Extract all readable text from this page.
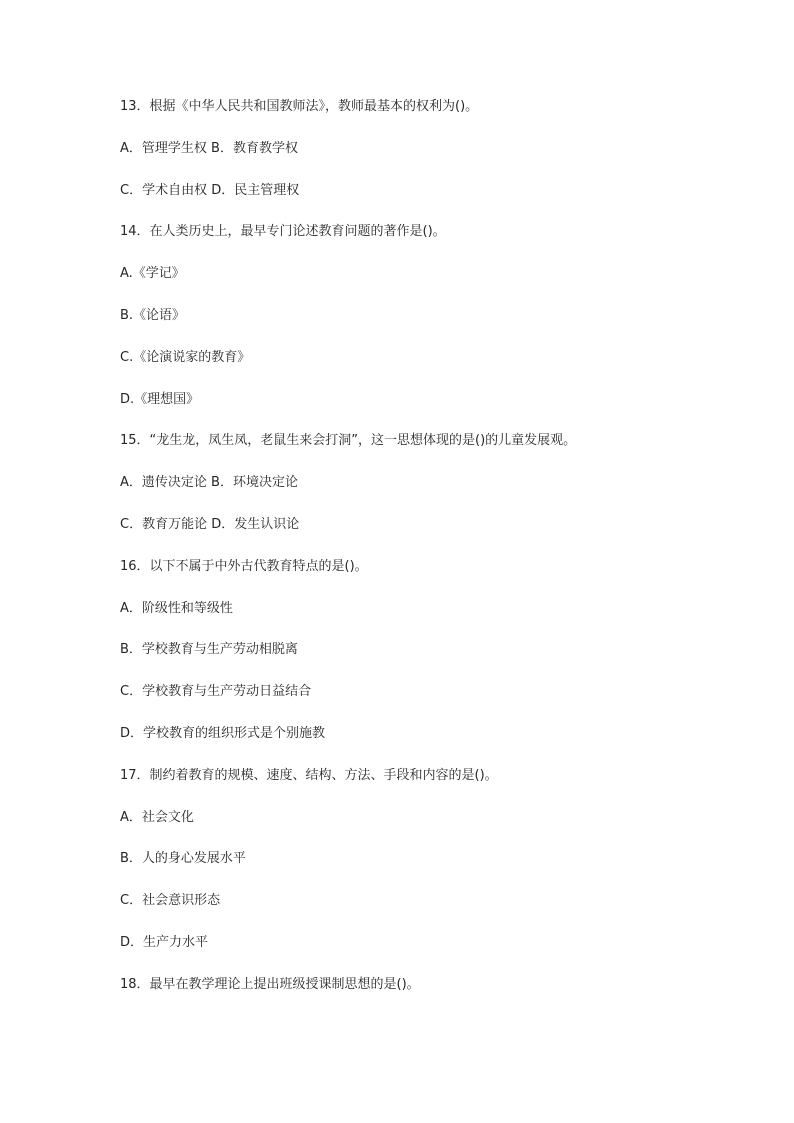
13．根据《中华人民共和国教师法》，教师最基本的权利为()。
A．管理学生权 B．教育教学权
C．学术自由权 D．民主管理权
14．在人类历史上，最早专门论述教育问题的著作是()。
A.《学记》
B.《论语》
C.《论演说家的教育》
D.《理想国》
15．“龙生龙，凤生凤，老鼠生来会打洞”，这一思想体现的是()的儿童发展观。
A．遗传决定论 B．环境决定论
C．教育万能论 D．发生认识论
16．以下不属于中外古代教育特点的是()。
A．阶级性和等级性
B．学校教育与生产劳动相脱离
C．学校教育与生产劳动日益结合
D．学校教育的组织形式是个别施教
17．制约着教育的规模、速度、结构、方法、手段和内容的是()。
A．社会文化
B．人的身心发展水平
C．社会意识形态
D．生产力水平
18．最早在教学理论上提出班级授课制思想的是()。
